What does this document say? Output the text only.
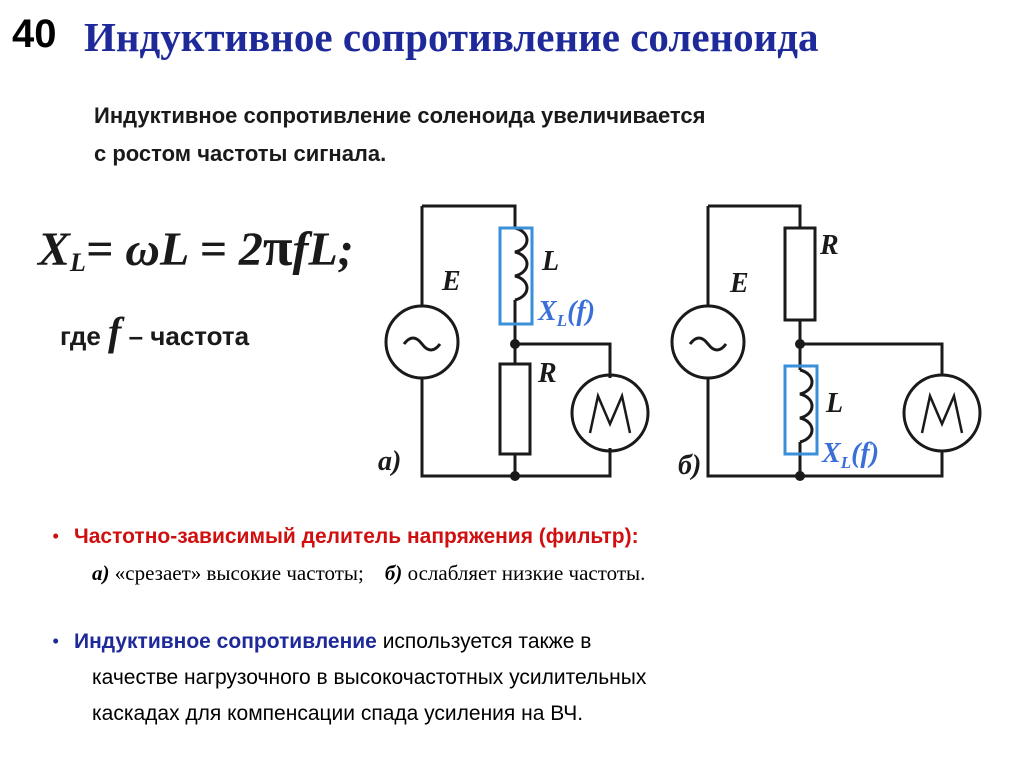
40 Индуктивное сопротивление соленоида
Индуктивное сопротивление соленоида увеличивается
с ростом частоты сигнала.
$X_L= \omega L = 2\pi fL$;
где f – частота
E
L
$X_L(f)$
R
а)
E
R
L
$X_L(f)$
б)
• Частотно-зависимый делитель напряжения (фильтр):
а) «срезает» высокие частоты; б) ослабляет низкие частоты.
• Индуктивное сопротивление используется также в
качестве нагрузочного в высокочастотных усилительных
каскадах для компенсации спада усиления на ВЧ.
